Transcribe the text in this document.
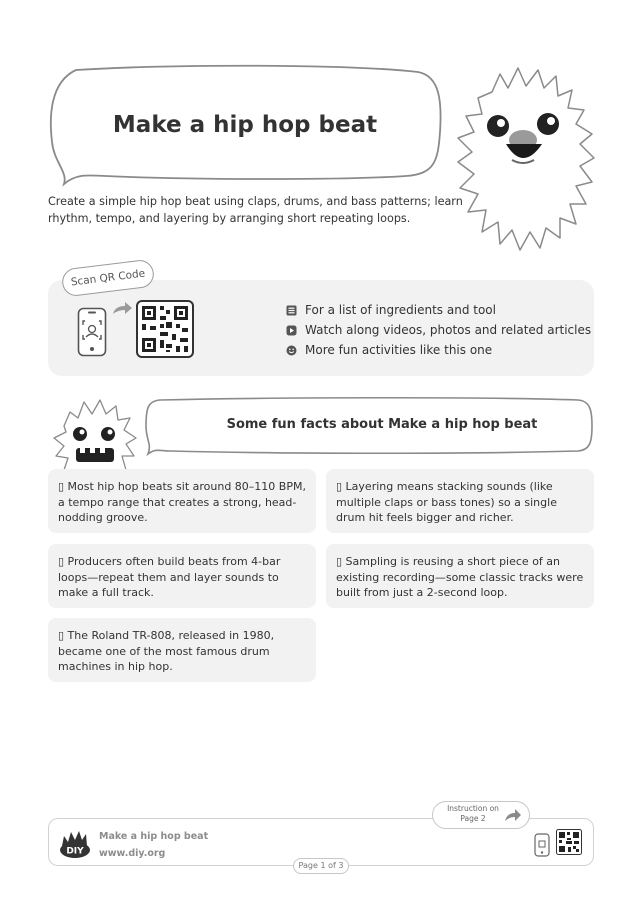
Make a hip hop beat
Create a simple hip hop beat using claps, drums, and bass patterns; learn rhythm, tempo, and layering by arranging short repeating loops.
Scan QR Code
For a list of ingredients and tool
Watch along videos, photos and related articles
More fun activities like this one
Some fun facts about Make a hip hop beat
▯ Most hip hop beats sit around 80–110 BPM, a tempo range that creates a strong, head-nodding groove.
▯ Layering means stacking sounds (like multiple claps or bass tones) so a single drum hit feels bigger and richer.
▯ Producers often build beats from 4-bar loops—repeat them and layer sounds to make a full track.
▯ Sampling is reusing a short piece of an existing recording—some classic tracks were built from just a 2-second loop.
▯ The Roland TR-808, released in 1980, became one of the most famous drum machines in hip hop.
DIY
Make a hip hop beat
www.diy.org
Page 1 of 3
Instruction on Page 2
